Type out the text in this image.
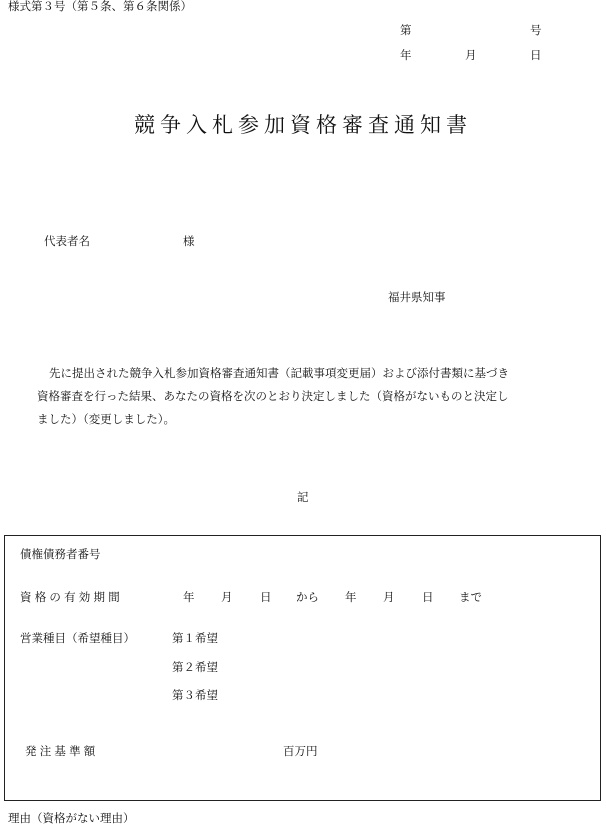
様式第３号（第５条、第６条関係）
第	号
年	月	日
競争入札参加資格審査通知書
代表者名	様
福井県知事
先に提出された競争入札参加資格審査通知書（記載事項変更届）および添付書類に基づき
資格審査を行った結果、あなたの資格を次のとおり決定しました（資格がないものと決定し
ました）（変更しました）。
記
債権債務者番号
資格の有効期間	年 月 日 から 年 月 日 まで
営業種目（希望種目）	第１希望
第２希望
第３希望
発注基準額	百万円
理由（資格がない理由）
